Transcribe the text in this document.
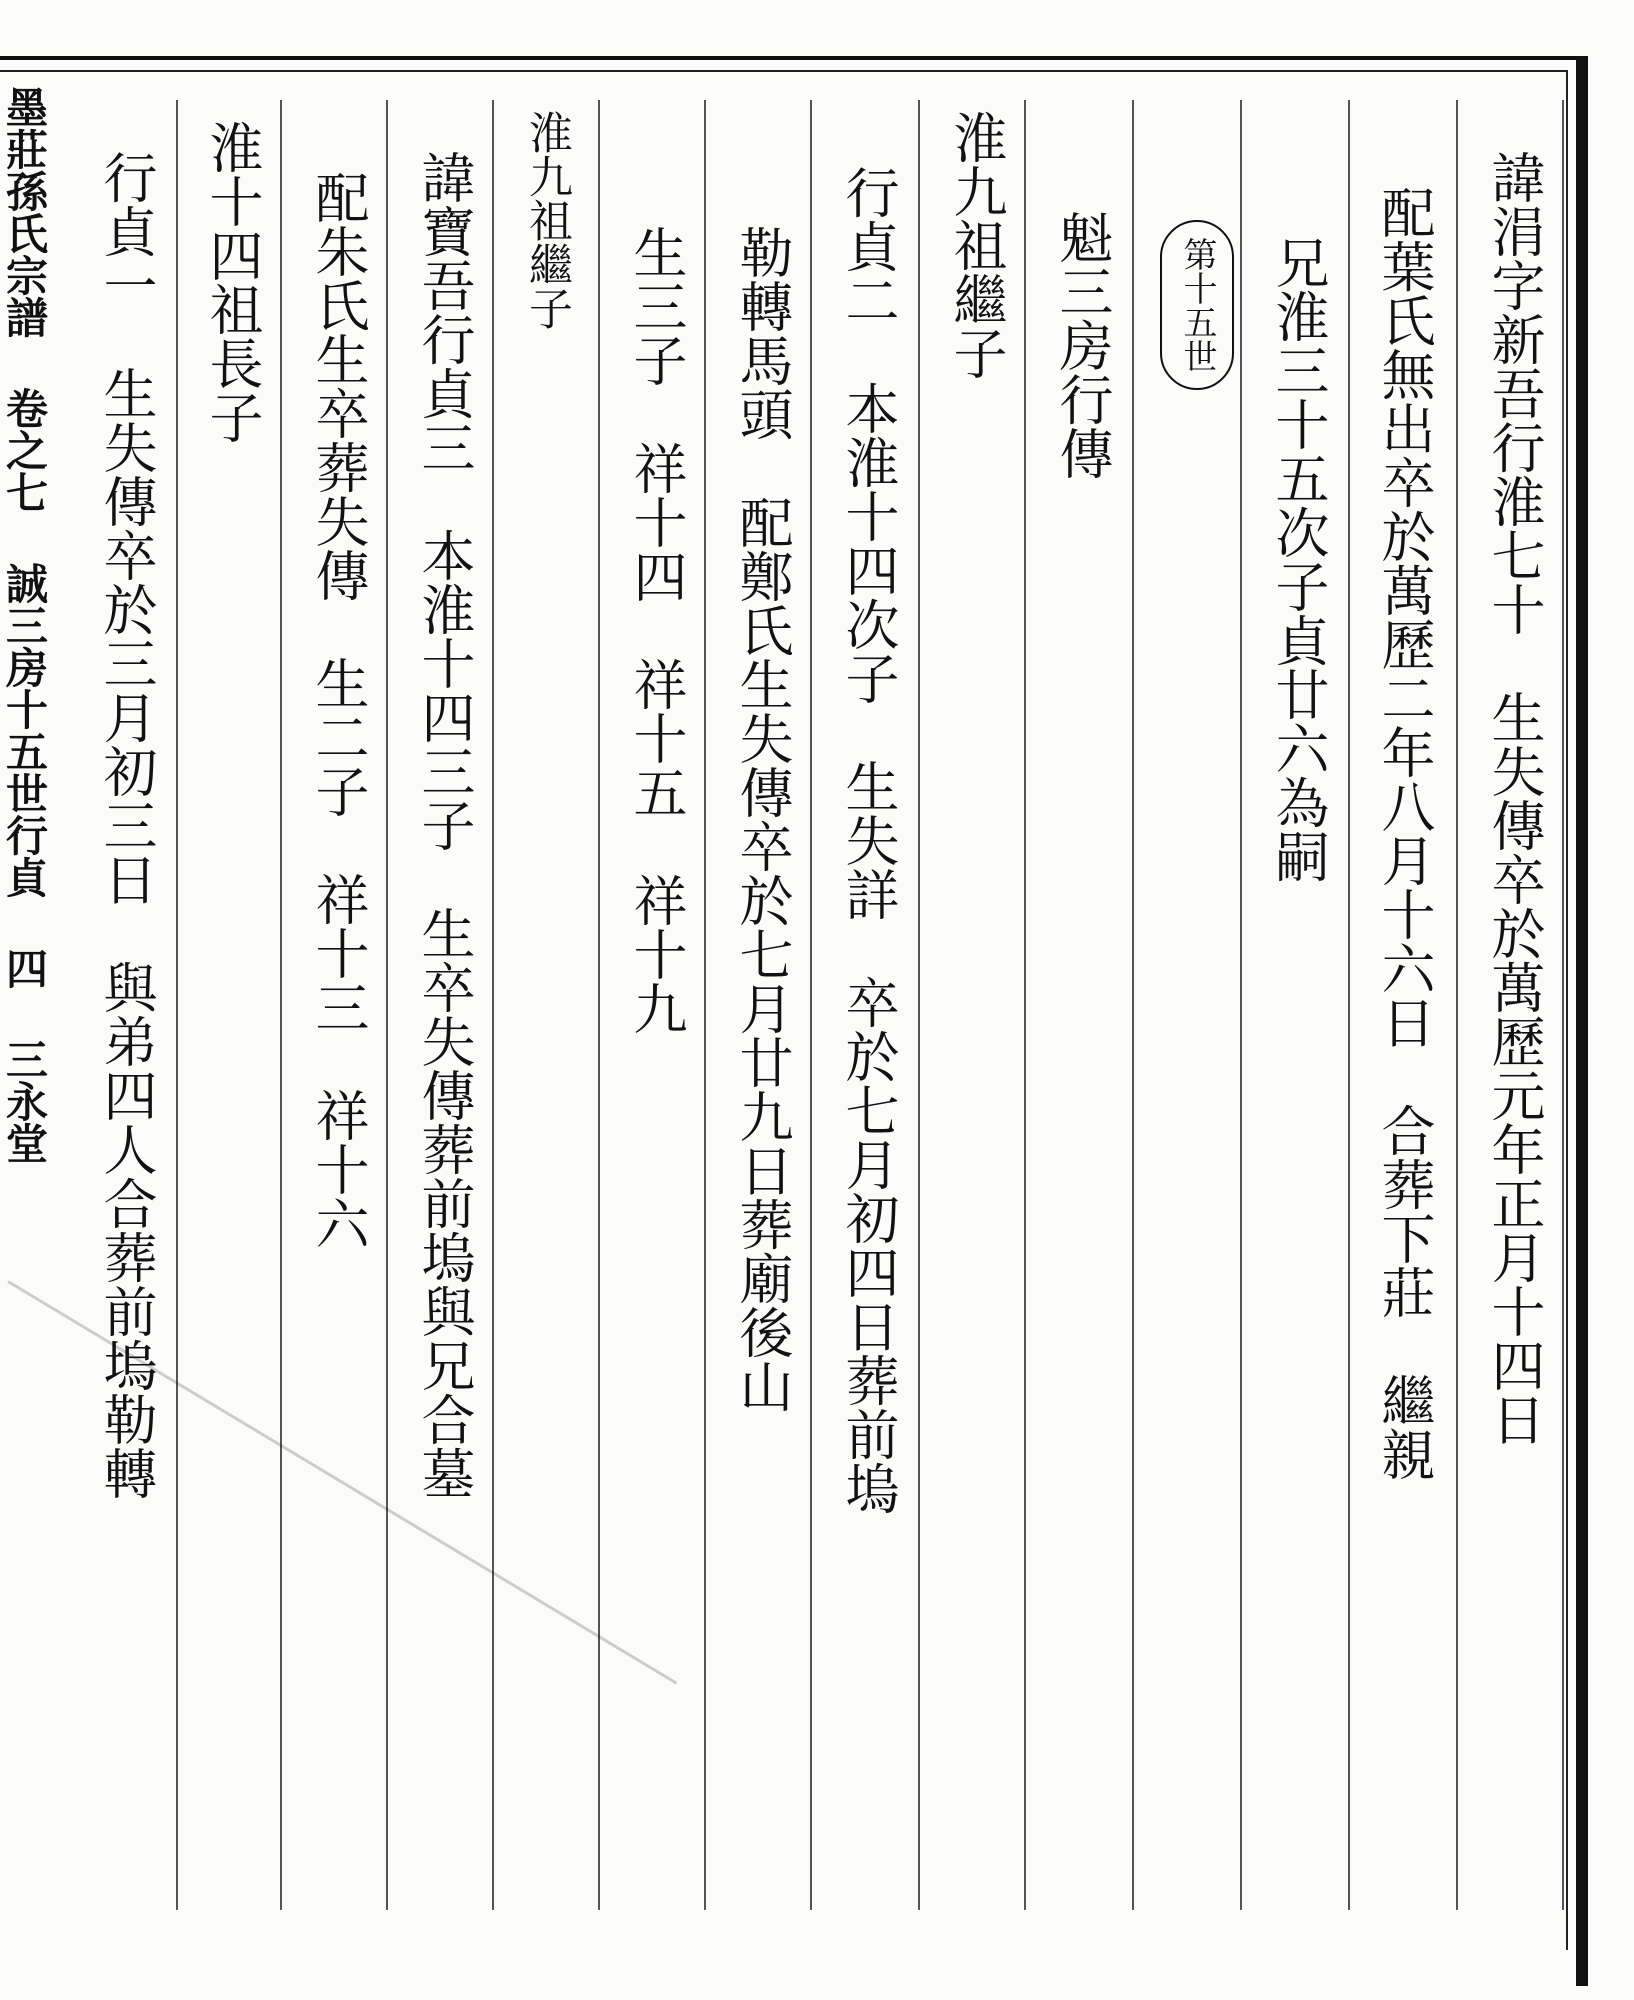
墨莊孫氏宗譜 卷之七 誠三房十五世行貞 四 三永堂	諱涓字新吾行淮七十　生失傳卒於萬歷元年正月十四日
配葉氏無出卒於萬歷二年八月十六日　合葬下莊　繼親
兄淮三十五次子貞廿六為嗣
第十五世
魁三房行傳
淮九祖繼子
行貞二　本淮十四次子　生失詳　卒於七月初四日葬前塢
勒轉馬頭　配鄭氏生失傳卒於七月廿九日葬廟後山
生三子　祥十四　祥十五　祥十九
淮九祖繼子
諱寶吾行貞三　本淮十四三子　生卒失傳葬前塢與兄合墓
配朱氏生卒葬失傳　生二子　祥十三　祥十六
淮十四祖長子
行貞一　生失傳卒於三月初三日　與弟四人合葬前塢勒轉
